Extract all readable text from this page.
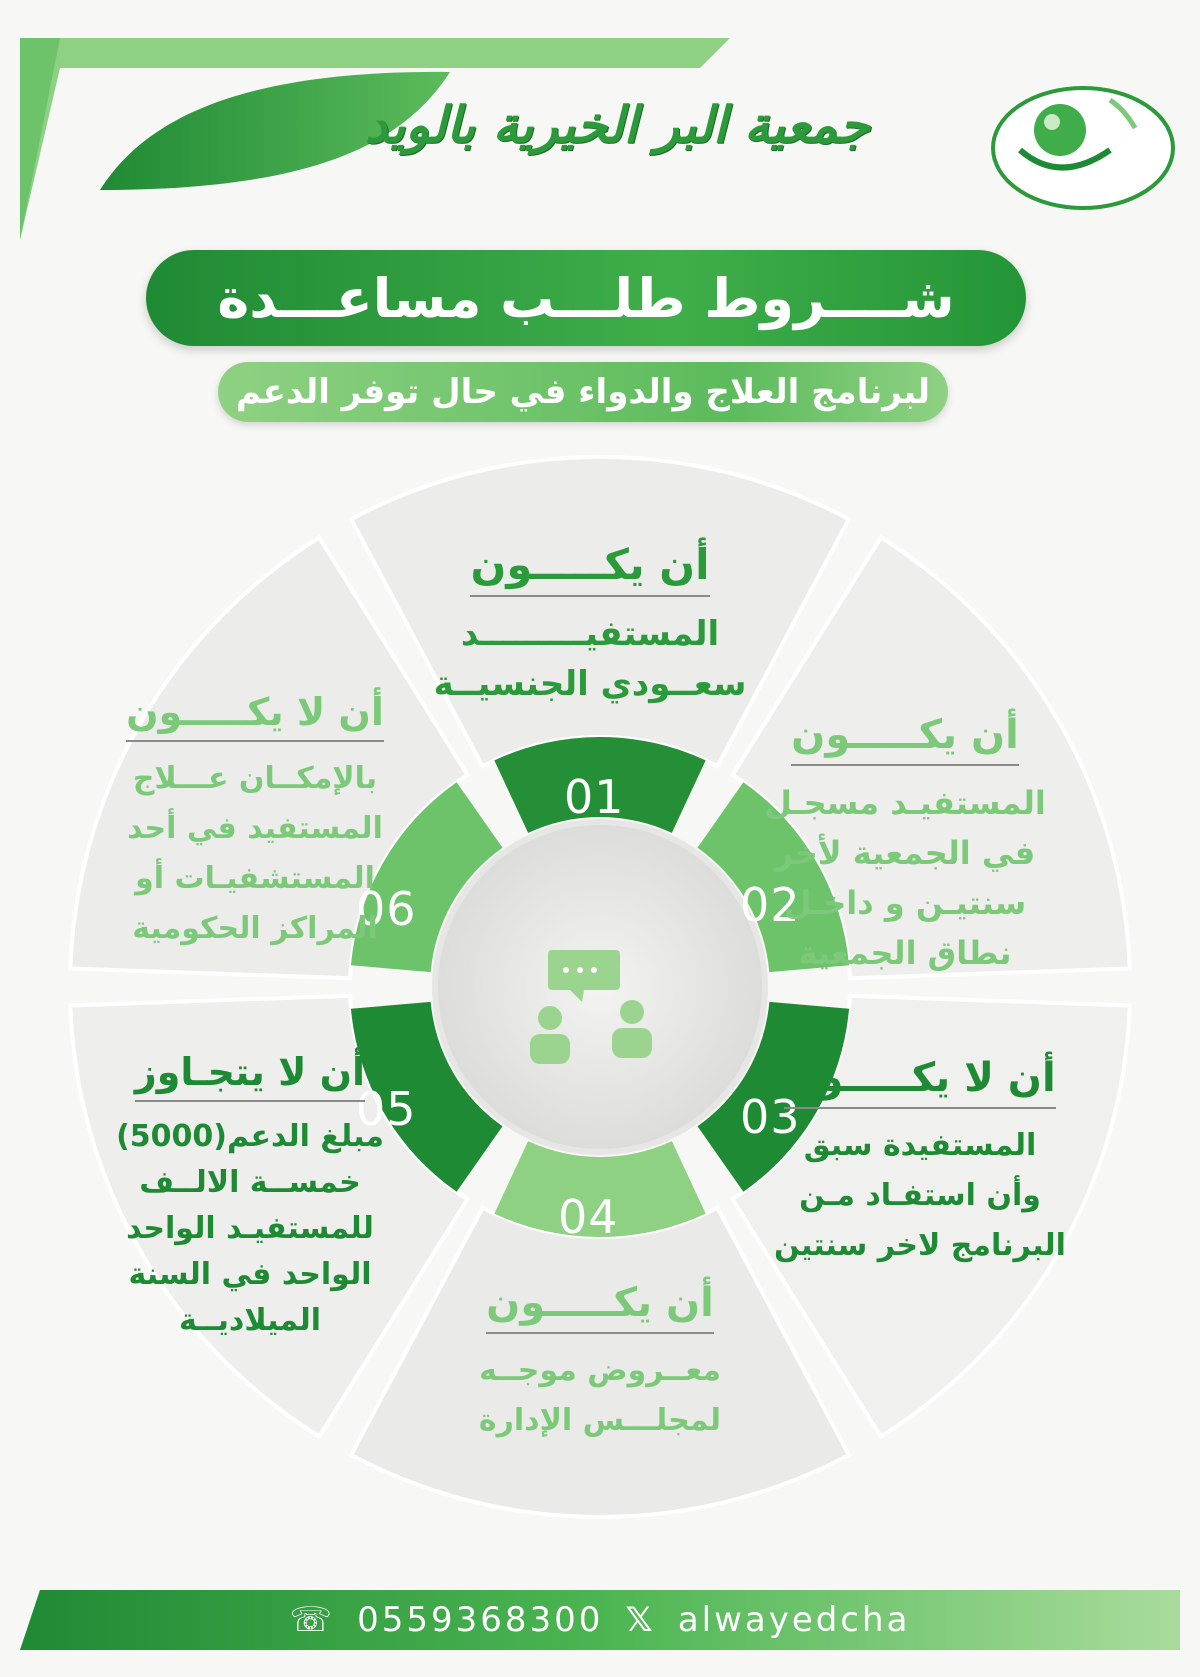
جمعية البر الخيرية بالويد
شــــروط طلـــب مساعـــدة
لبرنامج العلاج والدواء في حال توفر الدعم
01
02
03
04
05
06
أن يكـــــون
المستفيـــــــــد
سعــودي الجنسيــة
أن يكـــــون
المستفيـد مسجـل
في الجمعية لأخر
سنتيـن و داخـل
نطاق الجمعية
أن لا يكـــــون
المستفيدة سبق
وأن استفـاد مـن
البرنامج لاخر سنتين
أن يكـــــون
معــروض موجــه
لمجلـــس الإدارة
أن لا يتجـاوز
مبلغ الدعم(5000)
خمســة الالــف
للمستفيـد الواحد
الواحد في السنة
الميلاديــة
أن لا يكـــــون
بالإمكــان عـــلاج
المستفيد في أحد
المستشفيـات أو
المراكز الحكومية
☏ 0559368300 𝕏 alwayedcha
